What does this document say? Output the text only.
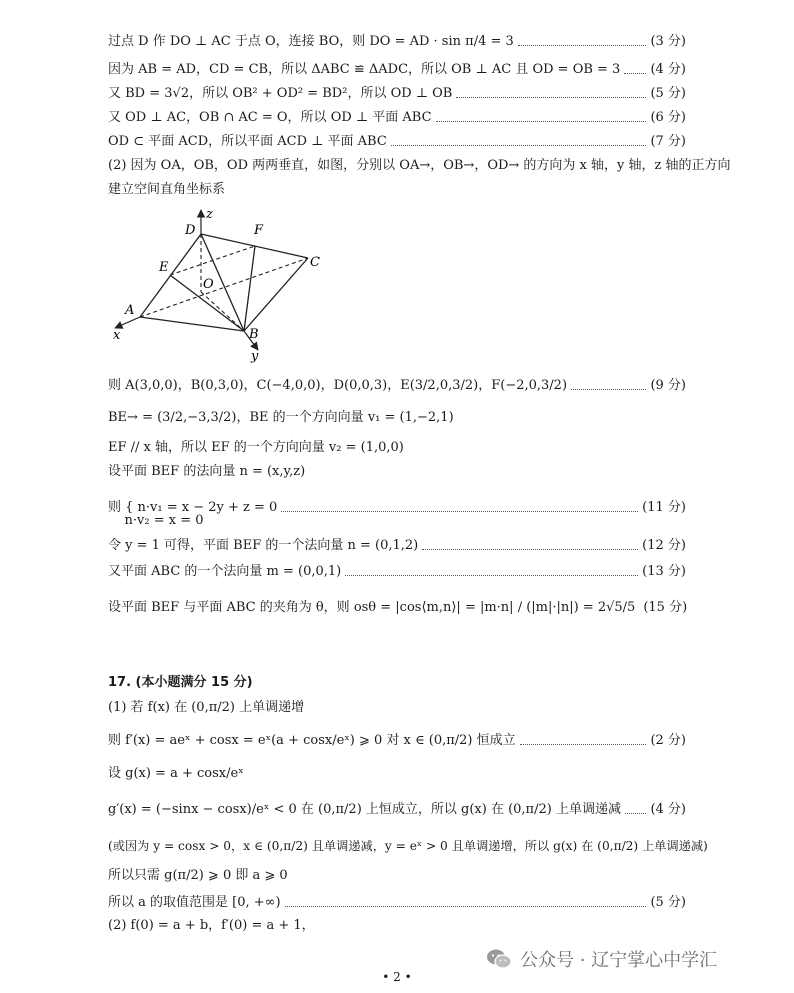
过点 D 作 DO ⊥ AC 于点 O，连接 BO，则 DO = AD · sin π/4 = 3	(3 分)
因为 AB = AD，CD = CB，所以 ΔABC ≌ ΔADC，所以 OB ⊥ AC 且 OD = OB = 3 (4 分)
又 BD = 3√2，所以 OB² + OD² = BD²，所以 OD ⊥ OB	(5 分)
又 OD ⊥ AC，OB ∩ AC = O，所以 OD ⊥ 平面 ABC	(6 分)
OD ⊂ 平面 ACD，所以平面 ACD ⊥ 平面 ABC	(7 分)
(2) 因为 OA，OB，OD 两两垂直，如图，分别以 OA→，OB→，OD→ 的方向为 x 轴，y 轴，z 轴的正方向
建立空间直角坐标系
z
D	F
C
E
O
A
B
x
y
则 A(3,0,0)，B(0,3,0)，C(−4,0,0)，D(0,0,3)，E(3/2,0,3/2)，F(−2,0,3/2)	(9 分)
BE→ = (3/2,−3,3/2)，BE 的一个方向向量 v₁ = (1,−2,1)
EF // x 轴，所以 EF 的一个方向向量 v₂ = (1,0,0)
设平面 BEF 的法向量 n = (x,y,z)
则 { n·v₁ = x − 2y + z = 0	(11 分)
n·v₂ = x = 0
令 y = 1 可得，平面 BEF 的一个法向量 n = (0,1,2)	(12 分)
又平面 ABC 的一个法向量 m = (0,0,1)	(13 分)
设平面 BEF 与平面 ABC 的夹角为 θ，则 osθ = |cos⟨m,n⟩| = |m·n| / (|m|·|n|) = 2√5/5 (15 分)
17. (本小题满分 15 分)
(1) 若 f(x) 在 (0,π/2) 上单调递增
则 f′(x) = aeˣ + cosx = eˣ(a + cosx/eˣ) ⩾ 0 对 x ∈ (0,π/2) 恒成立	(2 分)
设 g(x) = a + cosx/eˣ
g′(x) = (−sinx − cosx)/eˣ < 0 在 (0,π/2) 上恒成立，所以 g(x) 在 (0,π/2) 上单调递减 (4 分)
(或因为 y = cosx > 0，x ∈ (0,π/2) 且单调递减，y = eˣ > 0 且单调递增，所以 g(x) 在 (0,π/2) 上单调递减)
所以只需 g(π/2) ⩾ 0 即 a ⩾ 0
所以 a 的取值范围是 [0, +∞)	(5 分)
(2) f(0) = a + b，f′(0) = a + 1，
公众号 · 辽宁掌心中学汇
• 2 •
